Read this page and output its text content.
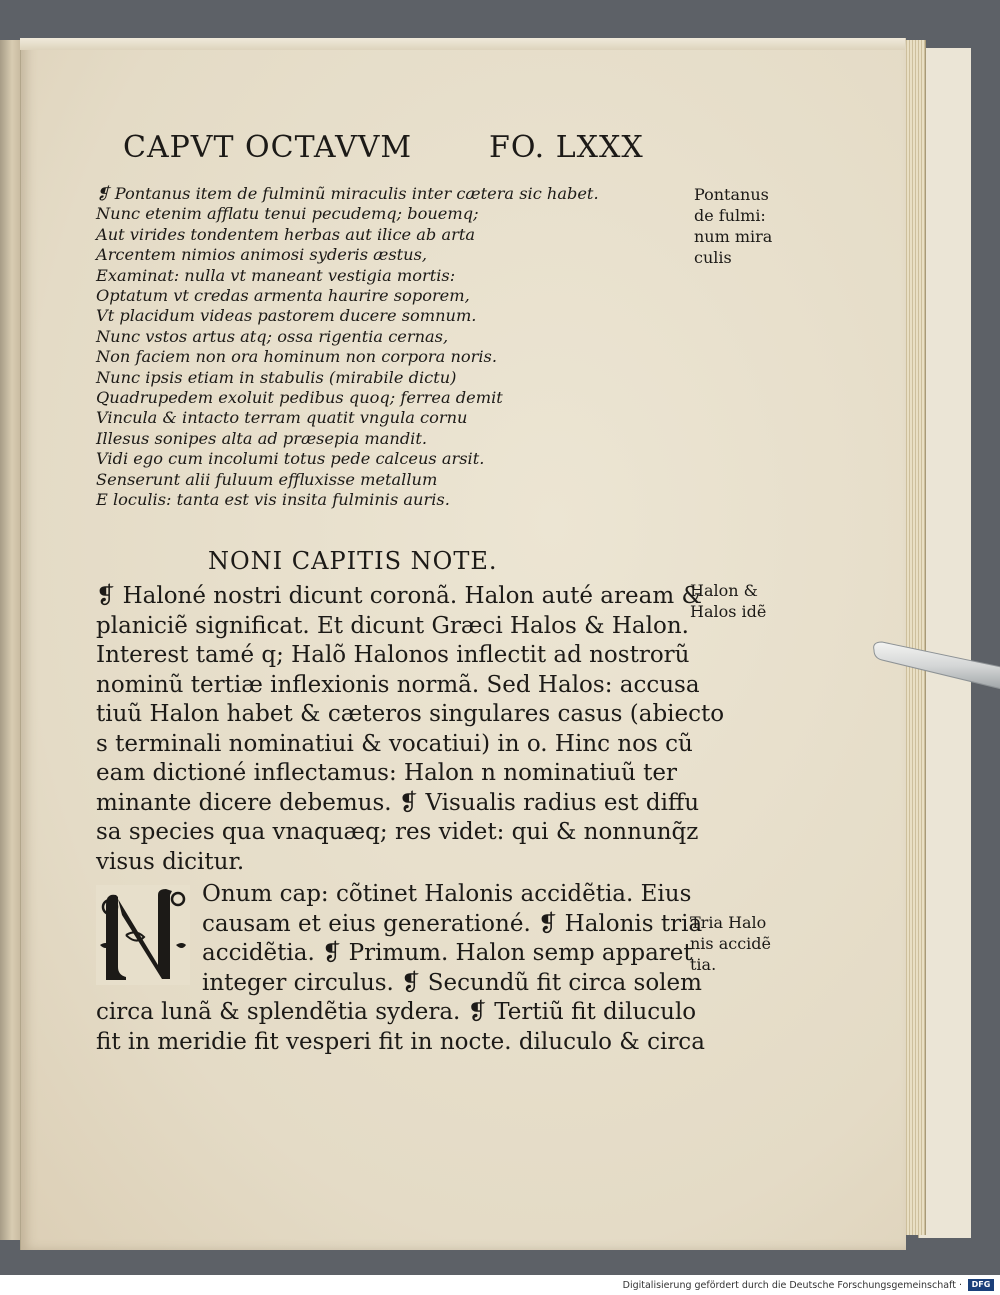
CAPVT OCTAVVM	FO. LXXX
❡ Pontanus item de fulminũ miraculis inter cætera sic habet.
Nunc etenim afflatu tenui pecudemq; bouemq;
Aut virides tondentem herbas aut ilice ab arta
Arcentem nimios animosi syderis æstus,
Examinat: nulla vt maneant vestigia mortis:
Optatum vt credas armenta haurire soporem,
Vt placidum videas pastorem ducere somnum.
Nunc vstos artus atq; ossa rigentia cernas,
Non faciem non ora hominum non corpora noris.
Nunc ipsis etiam in stabulis (mirabile dictu)
Quadrupedem exoluit pedibus quoq; ferrea demit
Vincula & intacto terram quatit vngula cornu
Illesus sonipes alta ad præsepia mandit.
Vidi ego cum incolumi totus pede calceus arsit.
Senserunt alii fuluum effluxisse metallum
E loculis: tanta est vis insita fulminis auris.
NONI CAPITIS NOTE.
❡ Haloné nostri dicunt coronã. Halon auté aream &
planiciẽ significat. Et dicunt Græci Halos & Halon.
Interest tamé q; Halõ Halonos inflectit ad nostrorũ
nominũ tertiæ inflexionis normã. Sed Halos: accusa
tiuũ Halon habet & cæteros singulares casus (abiecto
s terminali nominatiui & vocatiui) in o. Hinc nos cũ
eam dictioné inflectamus: Halon n nominatiuũ ter
minante dicere debemus. ❡ Visualis radius est diffu
sa species qua vnaquæq; res videt: qui & nonnunq̃z
visus dicitur.
Onum cap: cõtinet Halonis accidẽtia. Eius
causam et eius generationé. ❡ Halonis tria
accidẽtia. ❡ Primum. Halon semp apparet
integer circulus. ❡ Secundũ fit circa solem
circa lunã & splendẽtia sydera. ❡ Tertiũ fit diluculo
fit in meridie fit vesperi fit in nocte. diluculo & circa
Pontanus
de fulmi:
num mira
culis
Halon &
Halos idẽ
Tria Halo
nis accidẽ
tia.
Digitalisierung gefördert durch die Deutsche Forschungsgemeinschaft ·	DFG
